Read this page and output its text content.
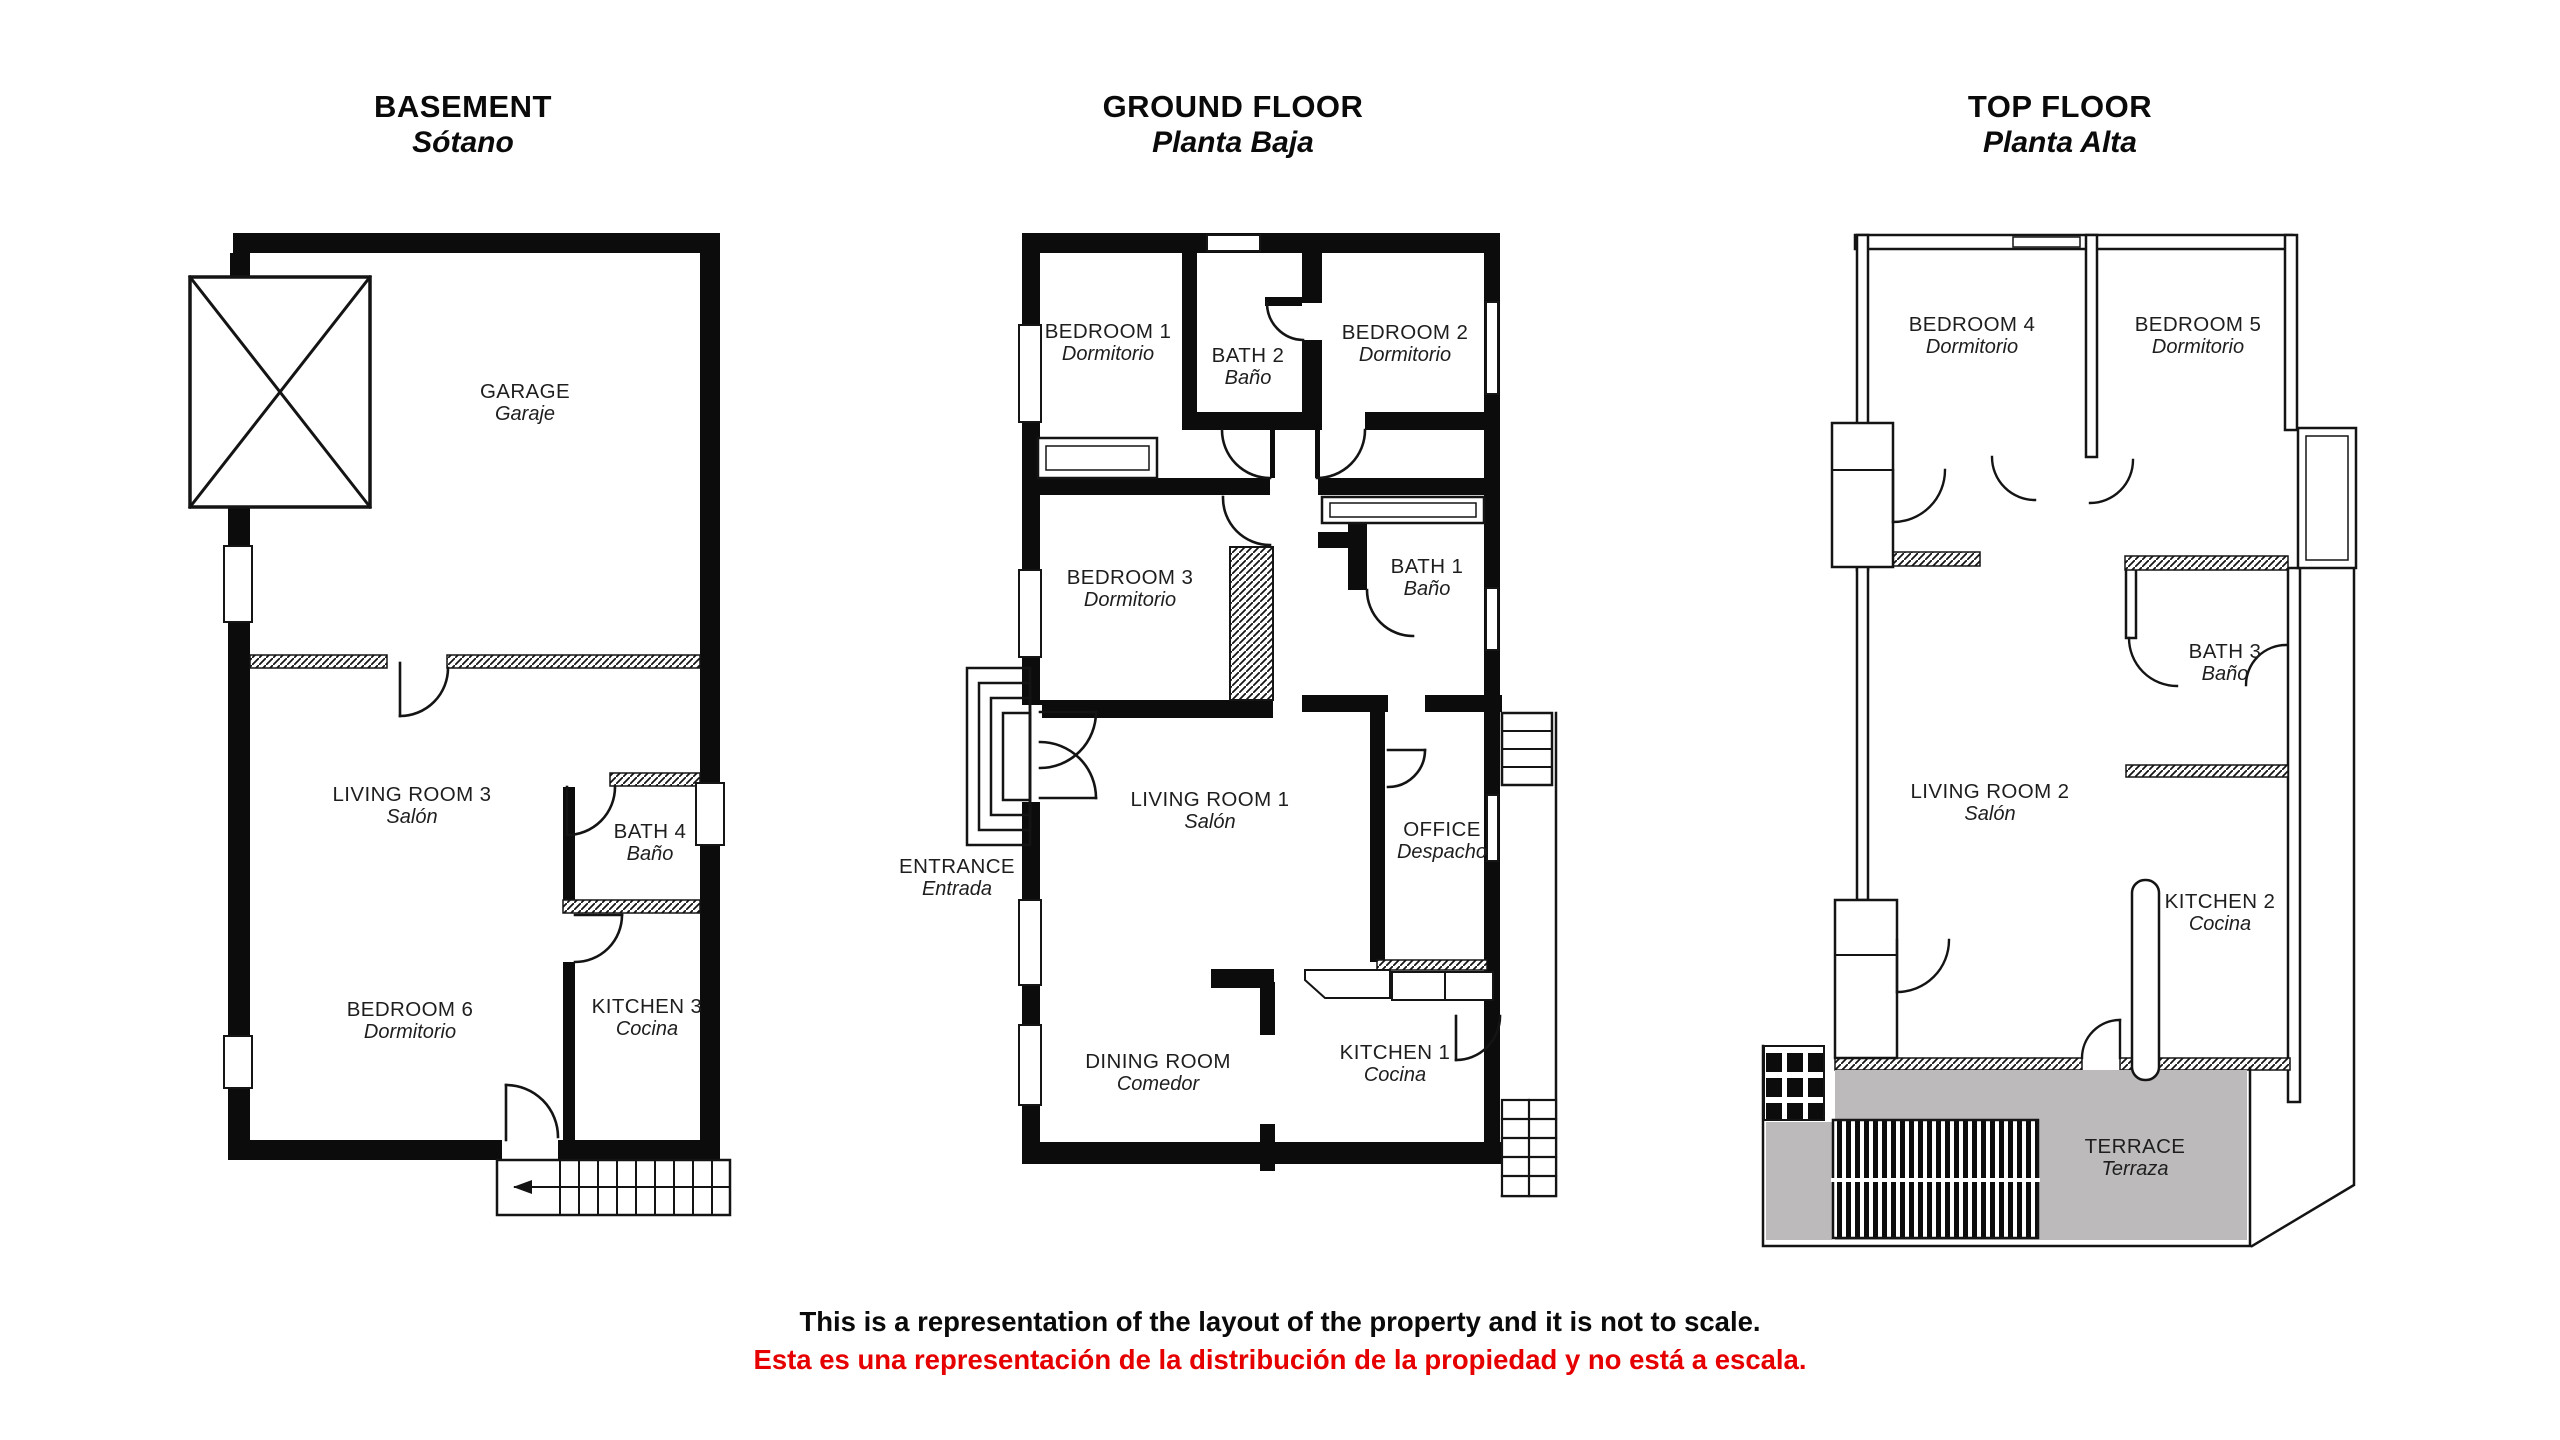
BASEMENT
Sótano
GROUND FLOOR
Planta Baja
TOP FLOOR
Planta Alta
GARAGE
Garaje
LIVING ROOM 3
Salón
BATH 4
Baño
BEDROOM 6
Dormitorio
KITCHEN 3
Cocina
BEDROOM 1
Dormitorio	BATH 2
Baño
BEDROOM 2
Dormitorio
BEDROOM 3
Dormitorio
BATH 1
Baño
ENTRANCE
Entrada
LIVING ROOM 1
Salón	OFFICE
Despacho
DINING ROOM
Comedor
KITCHEN 1
Cocina
BEDROOM 4
Dormitorio
BEDROOM 5
Dormitorio
BATH 3
Baño
LIVING ROOM 2
Salón
KITCHEN 2
Cocina
TERRACE
Terraza
This is a representation of the layout of the property and it is not to scale.
Esta es una representación de la distribución de la propiedad y no está a escala.
